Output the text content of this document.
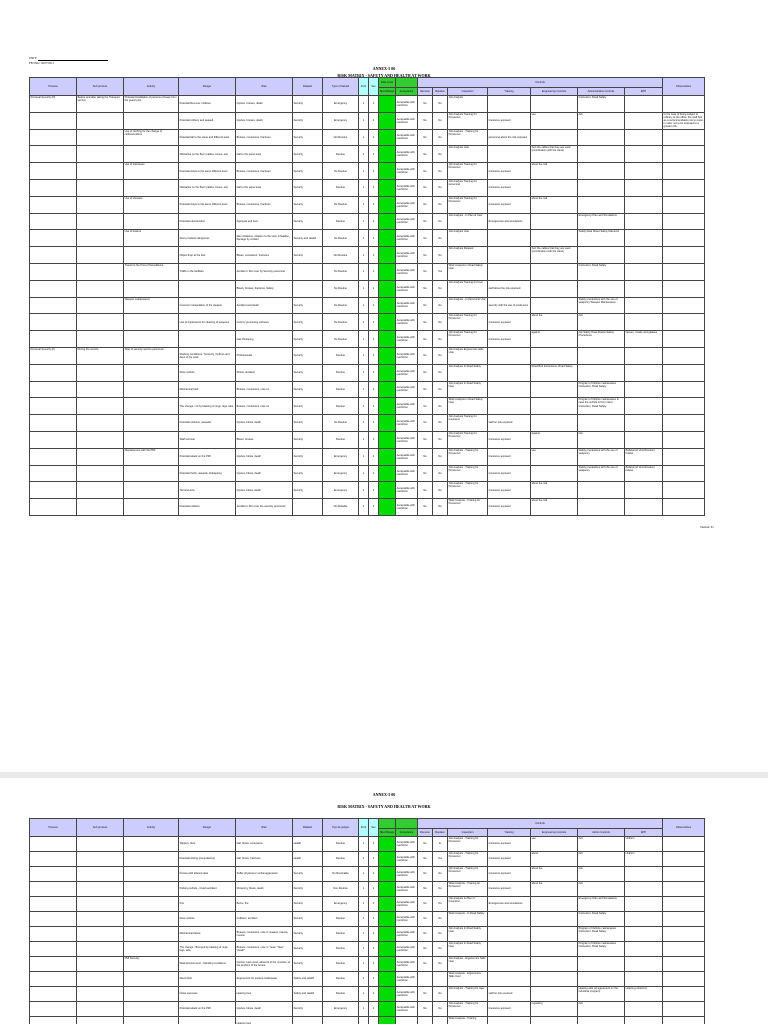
ANNEX-5 06
RISK MATRIX - SAFETY AND HEALTH AT WORK
UNIT:
FECHA: 10/07/2011
Process	Sub process	Activity	Danger	Risk	Related	Type of hazard	Prob	Sev	Risk Level		Controls							Observations
									Nivel Riesgo	Acceptance	Remove	Replace	Inspection	Training	Engineering Controls	Administrative Controls	EPP	
Personal Security (D)	Before and after taking the Transport service	Protection/validation of persons of leave from the guard post	Potential Remove: collision	Injuries, bruises, death	Security	Emergency	1	4		Acceptable with restriction	No	No	Job Analysis			Instruction: Road Safety		
			Potential robbery and assault	Injuries, bruises, death	Security	Emergency	1	4		Acceptable with restriction	No	No	Job Analysis Training for Personnel	Insurance exposed	use	risk		In the case of being subject to robbery at the office, the staff has as a recommendation not to resist, in order not to be exposed to a greater risk.
		Use of clothing for the change of clothes/uniform	Potential fall to the same and different level	Bruises, contusions, fractures	Security	Not Routine	1	2		Acceptable with restriction	No	No	Job Analysis - Training for Personnel	personnel about the risk exposed				
			Obstacles on the floor (cables, boxes, etc)	Fall to the same level	Security	Routine	1	2		Acceptable with restriction	No	No	Job Analysis User		Sort the cables that they are used (coordination with the client)			
		Use of staircases	Potential drops to the same different level	Bruises, contusions, fractures	Security	No Routine	1	2		Acceptable with restriction	No	No	Job Analysis Training for Personnel	Insurance exposed	about the risk			
			Obstacles on the floor (cables, boxes, etc)	Fall to the same level	Security	Routine	1	2		Acceptable with restriction	No	No	Job Analysis Training for personnel	Insurance exposed				
		Use of showers	Potential drops to the same different level	Bruises, contusions, fractures	Security	No Routine	1	2		Acceptable with restriction	No	No	Job Analysis Training for Personnel	Insurance exposed	about the risk			
			Potential electrocution	Asphyxia and burn	Security	Routine	1	4		Acceptable with restriction	No	No	Job Analysis - In Plan of User	Emergencies and simulations		Emergency Plan and Simulations		
		Use of lockers	Store products dangerous	Skin irritations, irritation to the view, inhalation, damage by contact	Security and Health	No Routine	1	2		Acceptable with restriction	No	No	Job Analysis User			Safety Data Sheet Safety Diamond		
			Object drop at the feet	Blows, contusions, fractures	Security	Not Routine	1	2		Acceptable with restriction	No	No	Job Analysis Request		Sort the cables that they are used (coordination with the client)			
		Transit to the Post of Surveillance	Traffic in the facilities	Accident / Run over by Security personnel		No Routine	1	4		Acceptable with restriction	No	Yes	Work Analysis In Road Safety User			Instruction: Road Safety		
				Blows, bruises, fractures. Safety		No Routine	1	2		Acceptable with restriction	No	No	Job Analysis Training for User	staff about the risk exposed				
		Weapon maintenance	Incorrect manipulation of the weapon	Accident and death	Security	No Routine	1	4		Acceptable with restriction	No	No	Job Analysis - In Personnel User	security with the use of small arms		Safety precautions with the use of weaponry Weapon Maintenance		
			Use of implements for cleaning of weapons	Cuts by puncturing surfaces	Security	No Routine	1	2		Acceptable with restriction	No	No	Job Analysis Training for Personnel	Insurance exposed	about the	risk		
				Gas Poisoning	Security	No Routine	1	2		Acceptable with restriction	No	No	Job Analysis Training for Personnel	Insurance exposed	against	risk Safety Data Sheets Safety Procedures	Gloves, masks and glasses	
Personal Security (II)	During the service	Start of security service personnel	Working Conditions: Turnovity, rhythms and days of the work	Professionals	Security	Routine	1	2		Acceptable with restriction	No	No	Job Analysis Ergonomics talks User					
			Drive vehicle	Shock, accident	Security	Routine	1	4		Acceptable with restriction	No	No	Job Analysis In Road Safety		Road Bolt Instructions: Road Safety			
			Mechanical fault	Bruises, contusions, note on	Security	Routine	1	4		Acceptable with restriction	No	No	Job Analysis In Road Safety User			Program of Vehicle maintenance Instruction: Road Safety		
			The change - hit by blasting of rings, legs, tabs	Bruises, contusions, note on	Security	Routine	1	4		Acceptable with restriction	No	No	Work Analysis In Road Safety User			Program of Vehicle maintenance In case the vehicle is from client Instruction: Road Safety		
			Potential violence, assaults	Injuries, blows, death	Security	No Routine	1	4		Acceptable with restriction	No	No	Job Analysis Training for Insurance	staff on risk exposed				
			Staff turnover	Blows, bruises	Security	Routine	1	2		Acceptable with restriction	No	No	Job Analysis Training for Personnel	Insurance exposed	against	risk		
		Displacement with the PMI	Potential attack on the PMI	Injuries, blows, death	Security	Emergency	1	4		Acceptable with restriction	No	No	Job Analysis - Training for Personnel	Insurance exposed	use	Safety precautions with the use of weaponry	Bulletproof Vest Revolver holster	
			Potential thefts, assaults, kidnapping	Injuries, blows, death	Security	Emergency	1	4		Acceptable with restriction	No	No	Job Analysis - Training for Personnel	Insurance exposed		Safety precautions with the use of weaponry	Bulletproof Vest Revolver holster	
			Terrorist Acts	Injuries, blows, death	Security	Emergency	1	4		Acceptable with restriction	No	No	Job Analysis - Training for Personnel	Insurance exposed	about the risk			
			Potential collision	Accident / Run over the security personnel		No Robable	1	4		Acceptable with restriction	No	No	Work Analysis - Training for Personnel	Insurance exposed	about the risk			
Version: 01
ANNEX-5 06
RISK MATRIX - SAFETY AND HEALTH AT WORK
Process	Sub process	Activity	Danger	Risk	Related	Tipo de peligro	Prob	Sev			Controls							Observations
									Nivel Riesgo	Acceptance	Remove	Replace	Inspection	Training	Engineering Controls	Admin Controls	EPP	
			Slippery, floor	Fall, blows, contusions	Health	Routine	1	2		Acceptable with restriction	No	E	Job Analysis - Training for Personnel	Insurance exposed	use	risk	Uniform	
			Potential driving (compulsions)	Fall, blows, fractures	Health	Routine	1	2		Acceptable with restriction	No	Yes	Job Analysis - Training for Personnel	Insurance exposed	about	risk	Uniform	
			Person with altered state	Suffer physical or verbal aggression	Security	No Routinable	1	2		Acceptable with restriction	No	No	Job Analysis - Training for Personnel	Insurance exposed	about the	risk		
			Parking vehicle - Crash accident	Drowning, blows, death	Security	Non Routine	1	2		Acceptable with restriction	No	No	Work Analysis - Training for Personnel	Insurance exposed	about the	risk		
			Fire	Burns, fire	Security	Emergency	1	4		Acceptable with restriction	No	No	Job Analysis In Plan of Insurance	Emergencies and simulations		Emergency Plan and Simulations		
			Drive vehicle	Collision, accident	Security	Routine	1	4		Acceptable with restriction	No	No	Work Analysis - In Road Safety			Instruction: Road Safety		
			Mechanical failure	Bruises, contusions, note in masses, trauma, muscle	Security	Routine	1	4		Acceptable with restriction	No	No	Job Analysis In Road Safety User			Program of Vehicle maintenance Instruction: Road Safety		
			The change - Bumped by blasting of rings, legs, tabs	Bruises, contusions, note in "nose" "face" "death"	Security	Routine	1	4		Acceptable with restriction	No	No	Job Analysis In Road Safety User			Program of Vehicle maintenance Instruction: Road Safety		
		PMI Security	Work Environment - Standing conditions	Injuries, bad mood, ailments of the muscles, of the tendons of the bones	Security	Routine	1	2		Acceptable with restriction	No	No	Job Analysis - Ergonomics Talks User					
			Discomfort	Ergonomics for posture inadequate	Safety and Health	Routine	1	2		Acceptable with restriction			Work Analysis - Ergonomics Talks User					
			Noise exposure	Hearing loss	Safety and Health	Routine	1	2		Acceptable with restriction	No	No	Job Analysis - Training for User	staff on risk exposed		Hearing aids (of agreement on the industrial program)	Hearing protectors	
			Potential attack on the PMI	Injuries, blows, death	Security	Emergency	1	4		Acceptable with restriction	No	No	Job Analysis - Training for Personnel	Insurance exposed	regarding	risk		
				Hearing loss									Work Analysis - Training					
